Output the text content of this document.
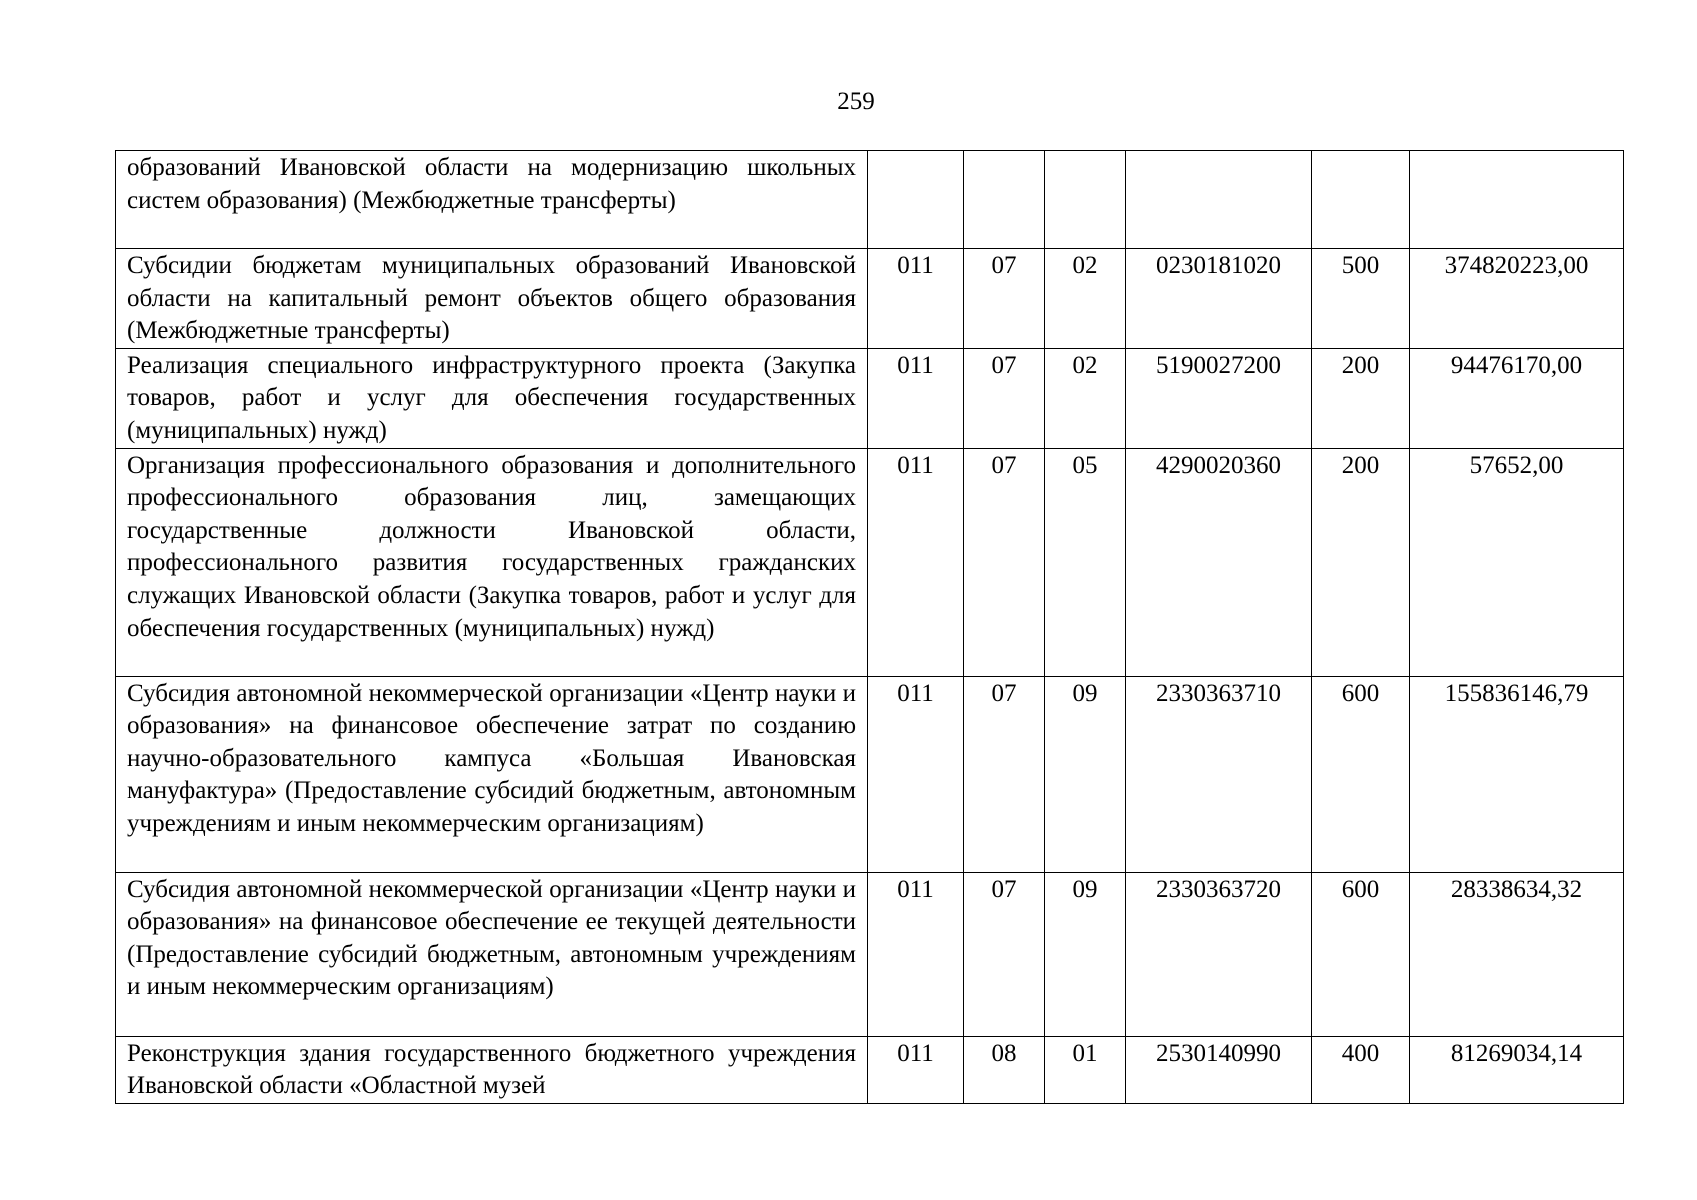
259
образований Ивановской области на модернизацию школьных систем образования) (Межбюджетные трансферты)						
Субсидии бюджетам муниципальных образований Ивановской области на капитальный ремонт объектов общего образования (Межбюджетные трансферты)	011	07	02	0230181020	500	374820223,00
Реализация специального инфраструктурного проекта (Закупка товаров, работ и услуг для обеспечения государственных (муниципальных) нужд)	011	07	02	5190027200	200	94476170,00
Организация профессионального образования и дополнительного профессионального образования лиц, замещающих государственные должности Ивановской области, профессионального развития государственных гражданских служащих Ивановской области (Закупка товаров, работ и услуг для обеспечения государственных (муниципальных) нужд)	011	07	05	4290020360	200	57652,00
Субсидия автономной некоммерческой организации «Центр науки и образования» на финансовое обеспечение затрат по созданию научно-образовательного кампуса «Большая Ивановская мануфактура» (Предоставление субсидий бюджетным, автономным учреждениям и иным некоммерческим организациям)	011	07	09	2330363710	600	155836146,79
Субсидия автономной некоммерческой организации «Центр науки и образования» на финансовое обеспечение ее текущей деятельности (Предоставление субсидий бюджетным, автономным учреждениям и иным некоммерческим организациям)	011	07	09	2330363720	600	28338634,32
Реконструкция здания государственного бюджетного учреждения Ивановской области «Областной музей	011	08	01	2530140990	400	81269034,14
